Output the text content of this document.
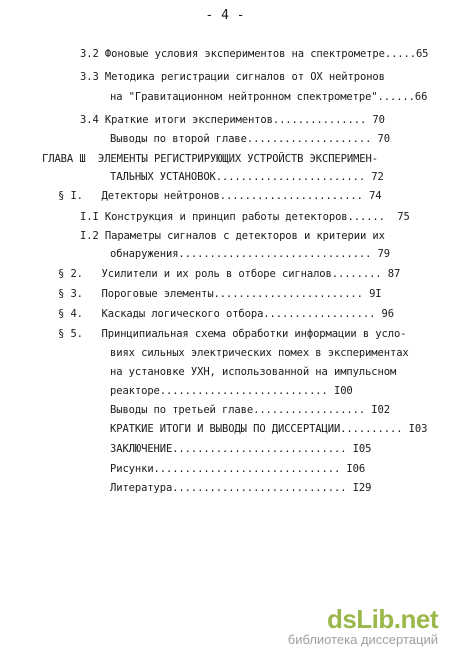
- 4 -
3.2 Фоновые условия экспериментов на спектрометре.....65
3.3 Методика регистрации сигналов от ОХ нейтронов
на "Гравитационном нейтронном спектрометре"......66
3.4 Краткие итоги экспериментов............... 70
Выводы по второй главе.................... 70
ГЛАВА Ш  ЭЛЕМЕНТЫ РЕГИСТРИРУЮЩИХ УСТРОЙСТВ ЭКСПЕРИМЕН-
ТАЛЬНЫХ УСТАНОВОК........................ 72
§ I.   Детекторы нейтронов....................... 74
I.I Конструкция и принцип работы детекторов......  75
I.2 Параметры сигналов с детекторов и критерии их
обнаружения............................... 79
§ 2.   Усилители и их роль в отборе сигналов........ 87
§ 3.   Пороговые элементы........................ 9I
§ 4.   Каскады логического отбора.................. 96
§ 5.   Принципиальная схема обработки информации в усло-
виях сильных электрических помех в экспериментах
на установке УХН, использованной на импульсном
реакторе........................... I00
Выводы по третьей главе.................. I02
КРАТКИЕ ИТОГИ И ВЫВОДЫ ПО ДИССЕРТАЦИИ.......... I03
ЗАКЛЮЧЕНИЕ............................ I05
Рисунки.............................. I06
Литература............................ I29
dsLib.net
библиотека диссертаций
